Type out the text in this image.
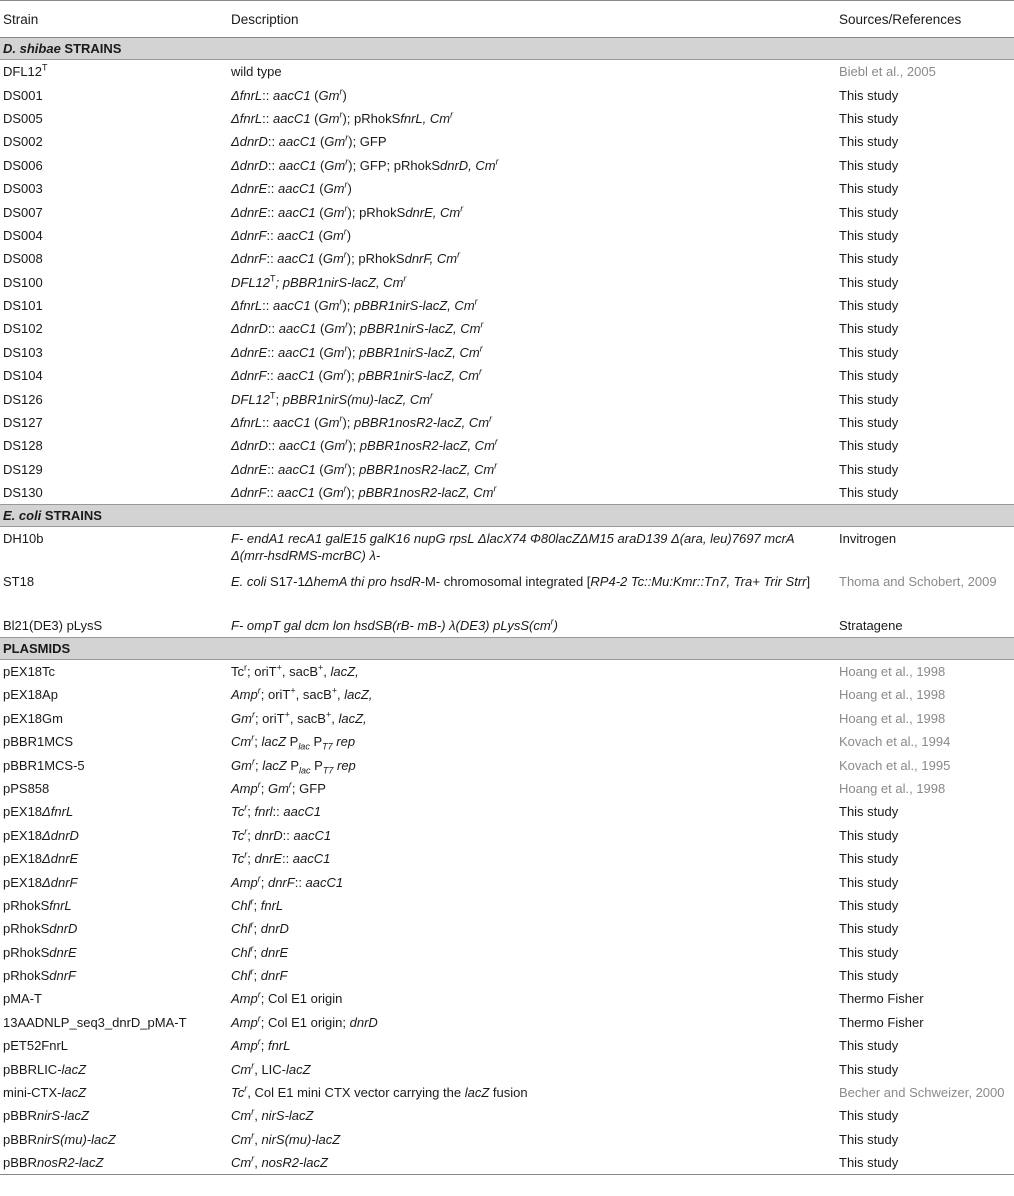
Strain	Description	Sources/References
D. shibae STRAINS		
$DFL12^T$	wild type	Biebl et al., 2005
DS001	ΔfnrL:: aacC1 (Gm$^r$)	This study
DS005	ΔfnrL:: aacC1 (Gm$^r$); pRhokSfnrL, Cm$^r$	This study
DS002	ΔdnrD:: aacC1 (Gm$^r$); GFP	This study
DS006	ΔdnrD:: aacC1 (Gm$^r$); GFP; pRhokSdnrD, Cm$^r$	This study
DS003	ΔdnrE:: aacC1 (Gm$^r$)	This study
DS007	ΔdnrE:: aacC1 (Gm$^r$); pRhokSdnrE, Cm$^r$	This study
DS004	ΔdnrF:: aacC1 (Gm$^r$)	This study
DS008	ΔdnrF:: aacC1 (Gm$^r$); pRhokSdnrF, Cm$^r$	This study
DS100	$DFL12^T$; pBBR1nirS-lacZ, Cm$^r$	This study
DS101	ΔfnrL:: aacC1 (Gm$^r$); pBBR1nirS-lacZ, Cm$^r$	This study
DS102	ΔdnrD:: aacC1 (Gm$^r$); pBBR1nirS-lacZ, Cm$^r$	This study
DS103	ΔdnrE:: aacC1 (Gm$^r$); pBBR1nirS-lacZ, Cm$^r$	This study
DS104	ΔdnrF:: aacC1 (Gm$^r$); pBBR1nirS-lacZ, Cm$^r$	This study
DS126	$DFL12^T$; pBBR1nirS(mu)-lacZ, Cm$^r$	This study
DS127	ΔfnrL:: aacC1 (Gm$^r$); pBBR1nosR2-lacZ, Cm$^r$	This study
DS128	ΔdnrD:: aacC1 (Gm$^r$); pBBR1nosR2-lacZ, Cm$^r$	This study
DS129	ΔdnrE:: aacC1 (Gm$^r$); pBBR1nosR2-lacZ, Cm$^r$	This study
DS130	ΔdnrF:: aacC1 (Gm$^r$); pBBR1nosR2-lacZ, Cm$^r$	This study
E. coli STRAINS		
DH10b	F- endA1 recA1 galE15 galK16 nupG rpsL ΔlacX74 Φ80lacZΔM15 araD139 Δ(ara, leu)7697 mcrA Δ(mrr-hsdRMS-mcrBC) λ-	Invitrogen
ST18	E. coli S17-1ΔhemA thi pro hsdR-M- chromosomal integrated [RP4-2 Tc::Mu:Kmr::Tn7, Tra+ Trir Strr]	Thoma and Schobert, 2009
Bl21(DE3) pLysS	F- ompT gal dcm lon hsdSB(rB- mB-) λ(DE3) $pLysS(cm^r)$	Stratagene
PLASMIDS		
pEX18Tc	Tc$^r$; oriT+, sacB+, lacZ,	Hoang et al., 1998
pEX18Ap	Amp$^r$; oriT+, sacB+, lacZ,	Hoang et al., 1998
pEX18Gm	Gm$^r$; oriT+, sacB+, lacZ,	Hoang et al., 1998
pBBR1MCS	Cm$^r$; lacZ $P_{lac}$ $P_{T7}$ rep	Kovach et al., 1994
pBBR1MCS-5	Gm$^r$; lacZ $P_{lac}$ $P_{T7}$ rep	Kovach et al., 1995
pPS858	Amp$^r$; Gm$^r$; GFP	Hoang et al., 1998
pEX18ΔfnrL	Tc$^r$; fnrl:: aacC1	This study
pEX18ΔdnrD	Tc$^r$; dnrD:: aacC1	This study
pEX18ΔdnrE	Tc$^r$; dnrE:: aacC1	This study
pEX18ΔdnrF	Amp$^r$; dnrF:: aacC1	This study
pRhokSfnrL	Chl$^r$; fnrL	This study
pRhokSdnrD	Chl$^r$; dnrD	This study
pRhokSdnrE	Chl$^r$; dnrE	This study
pRhokSdnrF	Chl$^r$; dnrF	This study
pMA-T	Amp$^r$; Col E1 origin	Thermo Fisher
13AADNLP_seq3_dnrD_pMA-T	Amp$^r$; Col E1 origin; dnrD	Thermo Fisher
pET52FnrL	Amp$^r$; fnrL	This study
pBBRLIC-lacZ	Cm$^r$, LIC-lacZ	This study
mini-CTX-lacZ	Tc$^r$, Col E1 mini CTX vector carrying the lacZ fusion	Becher and Schweizer, 2000
pBBRnirS-lacZ	Cm$^r$, nirS-lacZ	This study
pBBRnirS(mu)-lacZ	Cm$^r$, nirS(mu)-lacZ	This study
pBBRnosR2-lacZ	Cm$^r$, nosR2-lacZ	This study
